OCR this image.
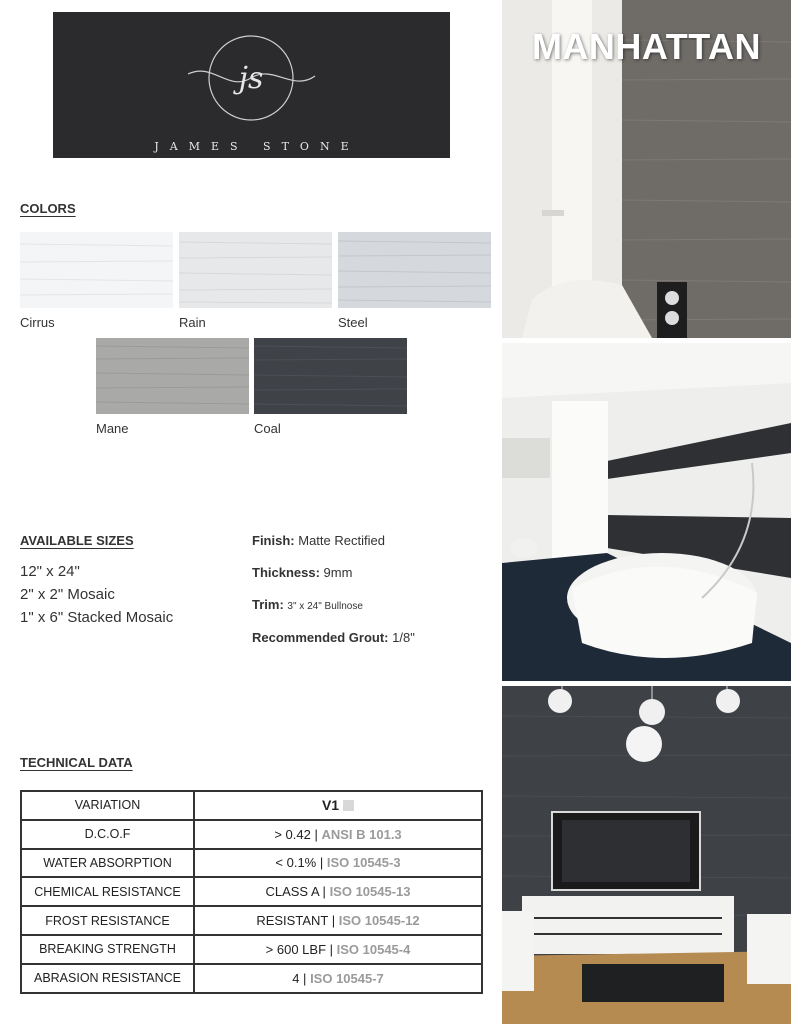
js
JAMES STONE
COLORS
Cirrus	Rain	Steel
Mane	Coal
AVAILABLE SIZES
12" x 24"
2" x 2" Mosaic
1" x 6" Stacked Mosaic
Finish: Matte Rectified
Thickness: 9mm
Trim: 3" x 24" Bullnose
Recommended Grout: 1/8"
TECHNICAL DATA
VARIATION	V1
D.C.O.F	> 0.42 | ANSI B 101.3
WATER ABSORPTION	< 0.1% | ISO 10545-3
CHEMICAL RESISTANCE	CLASS A | ISO 10545-13
FROST RESISTANCE	RESISTANT | ISO 10545-12
BREAKING STRENGTH	> 600 LBF | ISO 10545-4
ABRASION RESISTANCE	4 | ISO 10545-7
MANHATTAN
